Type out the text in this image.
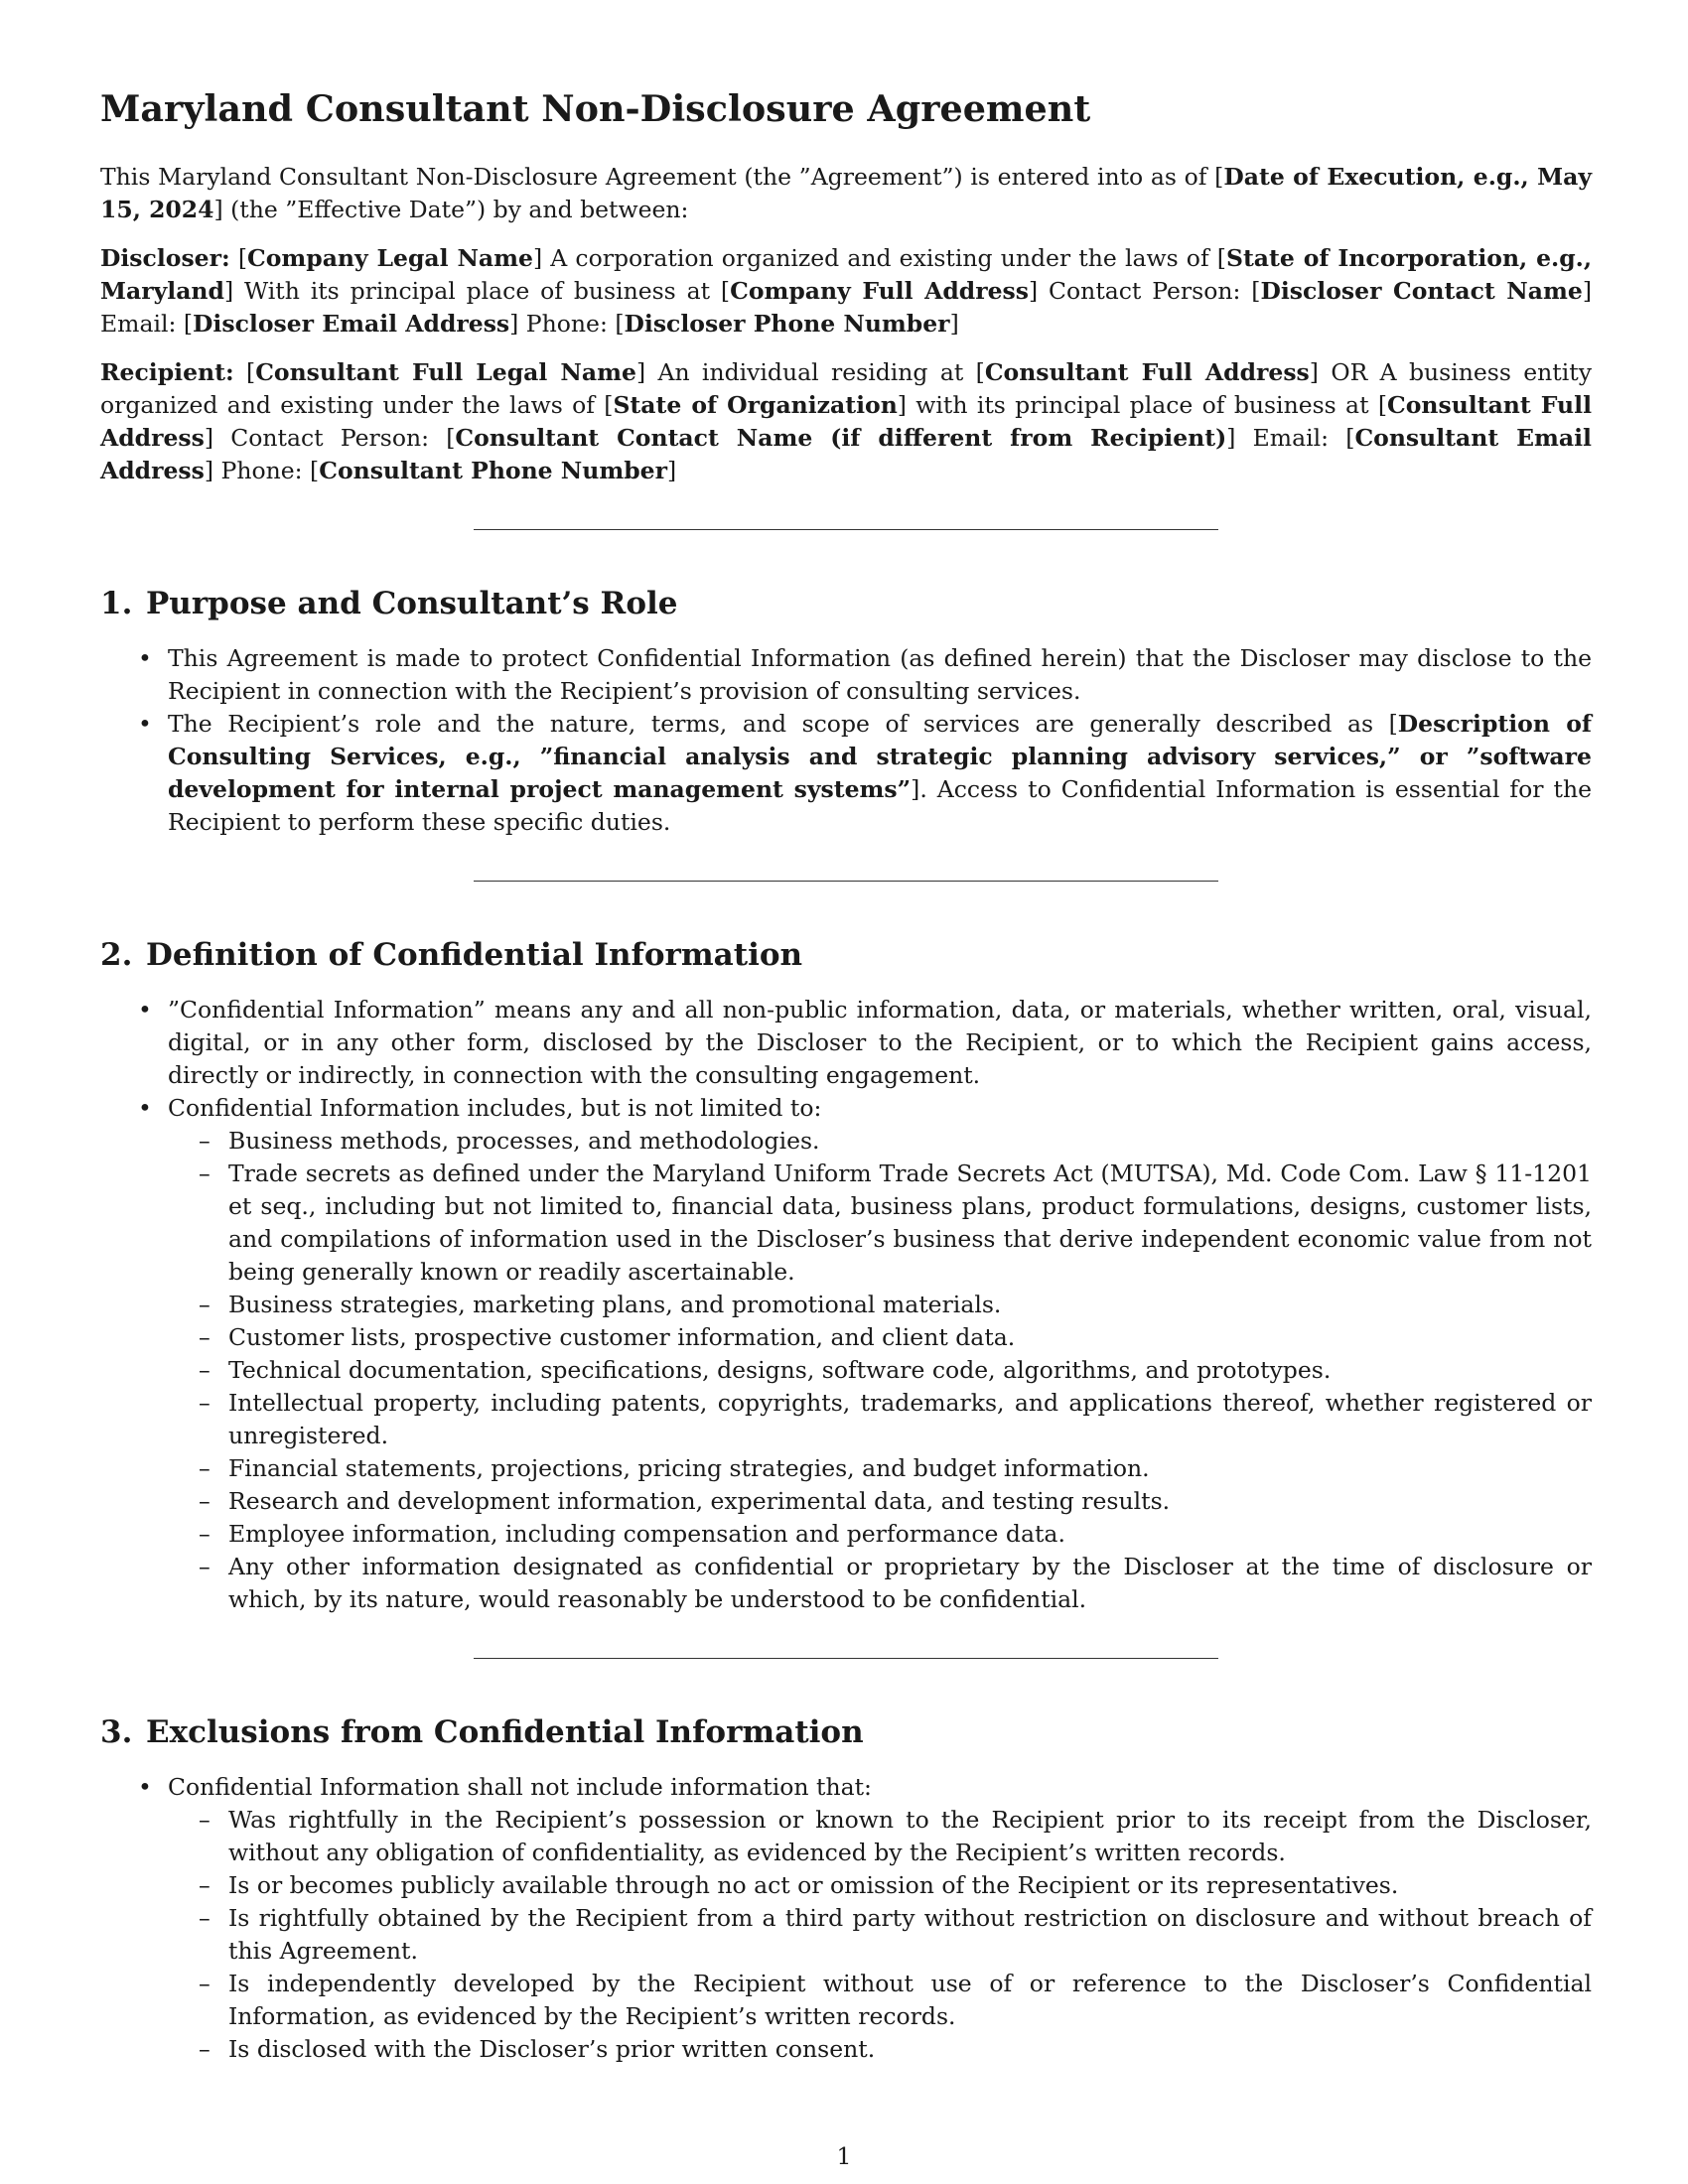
Maryland Consultant Non-Disclosure Agreement

This Maryland Consultant Non-Disclosure Agreement (the ”Agreement”) is entered into as of [Date of Execution, e.g., May 15, 2024] (the ”Effective Date”) by and between:

Discloser: [Company Legal Name] A corporation organized and existing under the laws of [State of Incorporation, e.g., Maryland] With its principal place of business at [Company Full Address] Contact Person: [Discloser Contact Name] Email: [Discloser Email Address] Phone: [Discloser Phone Number]

Recipient: [Consultant Full Legal Name] An individual residing at [Consultant Full Address] OR A business entity organized and existing under the laws of [State of Organization] with its principal place of business at [Consultant Full Address] Contact Person: [Consultant Contact Name (if different from Recipient)] Email: [Consultant Email Address] Phone: [Consultant Phone Number]

1. Purpose and Consultant’s Role
• This Agreement is made to protect Confidential Information (as defined herein) that the Discloser may disclose to the Recipient in connection with the Recipient’s provision of consulting services.
• The Recipient’s role and the nature, terms, and scope of services are generally described as [Description of Consulting Services, e.g., ”financial analysis and strategic planning advisory services,” or ”software development for internal project management systems”]. Access to Confidential Information is essential for the Recipient to perform these specific duties.
2. Definition of Confidential Information
• ”Confidential Information” means any and all non-public information, data, or materials, whether written, oral, visual, digital, or in any other form, disclosed by the Discloser to the Recipient, or to which the Recipient gains access, directly or indirectly, in connection with the consulting engagement.
• Confidential Information includes, but is not limited to:
– Business methods, processes, and methodologies.
– Trade secrets as defined under the Maryland Uniform Trade Secrets Act (MUTSA), Md. Code Com. Law § 11-1201 et seq., including but not limited to, financial data, business plans, product formulations, designs, customer lists, and compilations of information used in the Discloser’s business that derive independent economic value from not being generally known or readily ascertainable.
– Business strategies, marketing plans, and promotional materials.
– Customer lists, prospective customer information, and client data.
– Technical documentation, specifications, designs, software code, algorithms, and prototypes.
– Intellectual property, including patents, copyrights, trademarks, and applications thereof, whether registered or unregistered.
– Financial statements, projections, pricing strategies, and budget information.
– Research and development information, experimental data, and testing results.
– Employee information, including compensation and performance data.
– Any other information designated as confidential or proprietary by the Discloser at the time of disclosure or which, by its nature, would reasonably be understood to be confidential.
3. Exclusions from Confidential Information
• Confidential Information shall not include information that:
– Was rightfully in the Recipient’s possession or known to the Recipient prior to its receipt from the Discloser, without any obligation of confidentiality, as evidenced by the Recipient’s written records.
– Is or becomes publicly available through no act or omission of the Recipient or its representatives.
– Is rightfully obtained by the Recipient from a third party without restriction on disclosure and without breach of this Agreement.
– Is independently developed by the Recipient without use of or reference to the Discloser’s Confidential Information, as evidenced by the Recipient’s written records.
– Is disclosed with the Discloser’s prior written consent.
1
